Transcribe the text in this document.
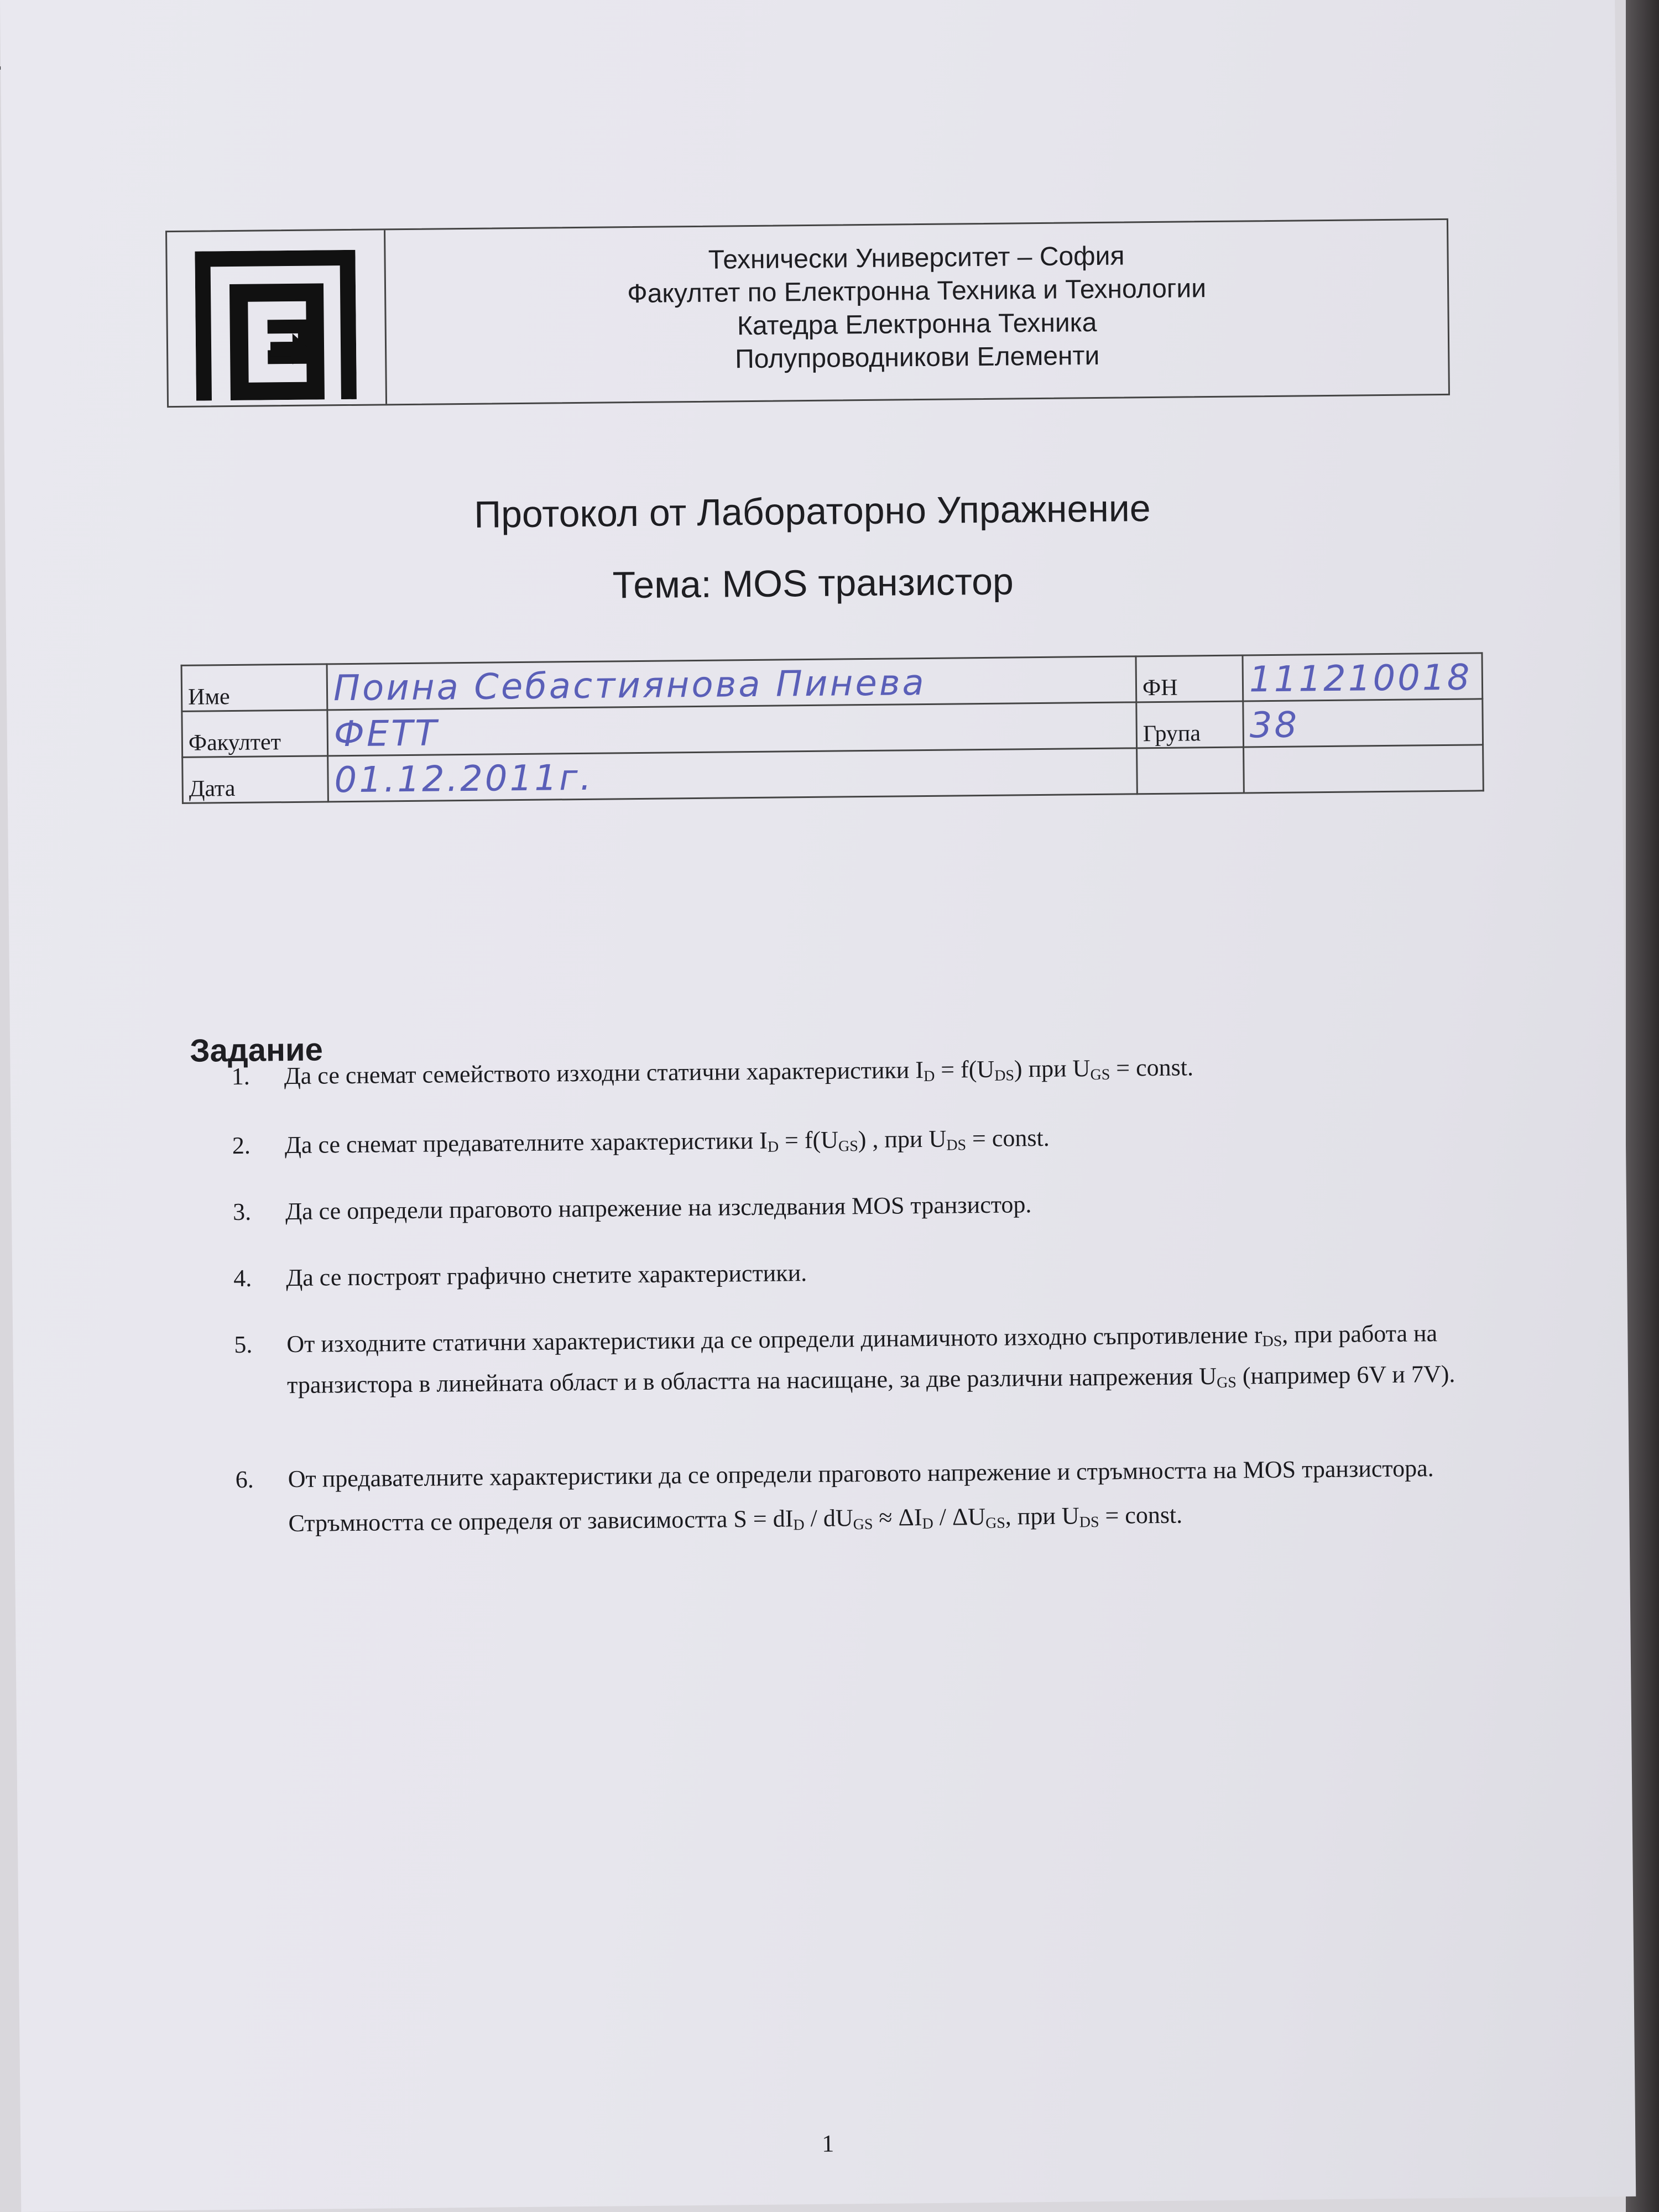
Технически Университет – София
Факултет по Електронна Техника и Технологии
Катедра Електронна Техника
Полупроводникови Елементи
Протокол от Лабораторно Упражнение
Тема: MOS транзистор
Име	Поина Себастиянова Пинева	ФН	111210018
Факултет	ФЕТТ	Група	38
Дата	01.12.2011г.		
Задание
1.	Да се снемат семейството изходни статични характеристики $I_D = f(U_{DS})$ при $U_{GS}$ = const.
2.	Да се снемат предавателните характеристики $I_D = f(U_{GS})$ , при $U_{DS}$ = const.
3.	Да се определи праговото напрежение на изследвания MOS транзистор.
4.	Да се построят графично снетите характеристики.
5.	От изходните статични характеристики да се определи динамичното изходно съпротивление $r_{DS}$, при работа на транзистора в линейната област и в областта на насищане, за две различни напрежения $U_{GS}$ (например 6V и 7V).
6.	От предавателните характеристики да се определи праговото напрежение и стръмността на MOS транзистора. Стръмността се определя от зависимостта $S = dI_D / dU_{GS} \approx \Delta I_D / \Delta U_{GS}$, при $U_{DS}$ = const.
1
